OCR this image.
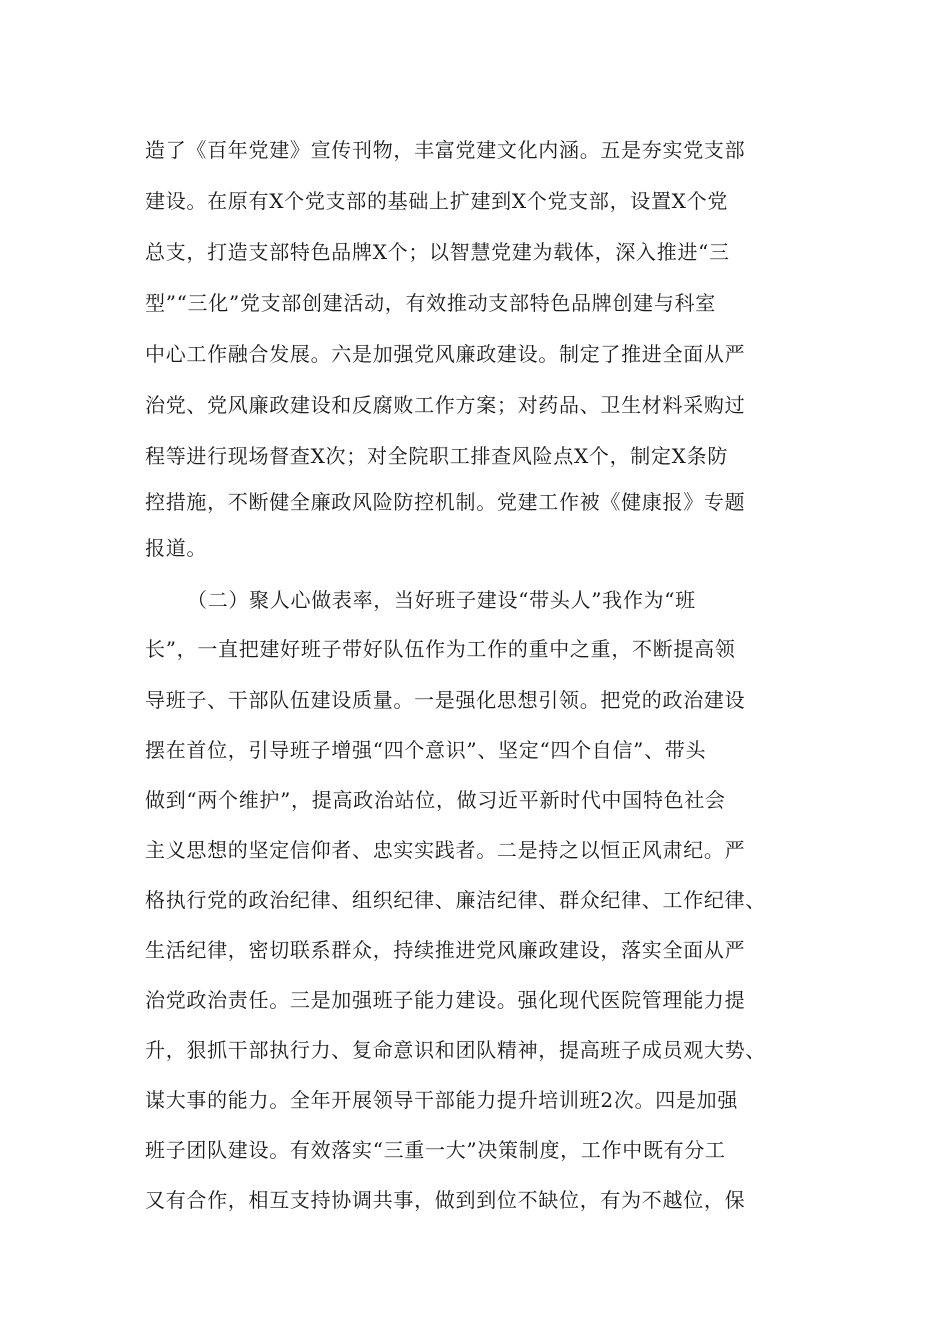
造了《百年党建》宣传刊物，丰富党建文化内涵。五是夯实党支部
建设。在原有X个党支部的基础上扩建到X个党支部，设置X个党
总支，打造支部特色品牌X个；以智慧党建为载体，深入推进“三
型”“三化”党支部创建活动，有效推动支部特色品牌创建与科室
中心工作融合发展。六是加强党风廉政建设。制定了推进全面从严
治党、党风廉政建设和反腐败工作方案；对药品、卫生材料采购过
程等进行现场督查X次；对全院职工排查风险点X个，制定X条防
控措施，不断健全廉政风险防控机制。党建工作被《健康报》专题
报道。
（二）聚人心做表率，当好班子建设“带头人”我作为“班
长”，一直把建好班子带好队伍作为工作的重中之重，不断提高领
导班子、干部队伍建设质量。一是强化思想引领。把党的政治建设
摆在首位，引导班子增强“四个意识”、坚定“四个自信”、带头
做到“两个维护”，提高政治站位，做习近平新时代中国特色社会
主义思想的坚定信仰者、忠实实践者。二是持之以恒正风肃纪。严
格执行党的政治纪律、组织纪律、廉洁纪律、群众纪律、工作纪律、
生活纪律，密切联系群众，持续推进党风廉政建设，落实全面从严
治党政治责任。三是加强班子能力建设。强化现代医院管理能力提
升，狠抓干部执行力、复命意识和团队精神，提高班子成员观大势、
谋大事的能力。全年开展领导干部能力提升培训班2次。四是加强
班子团队建设。有效落实“三重一大”决策制度，工作中既有分工
又有合作，相互支持协调共事，做到到位不缺位，有为不越位，保
